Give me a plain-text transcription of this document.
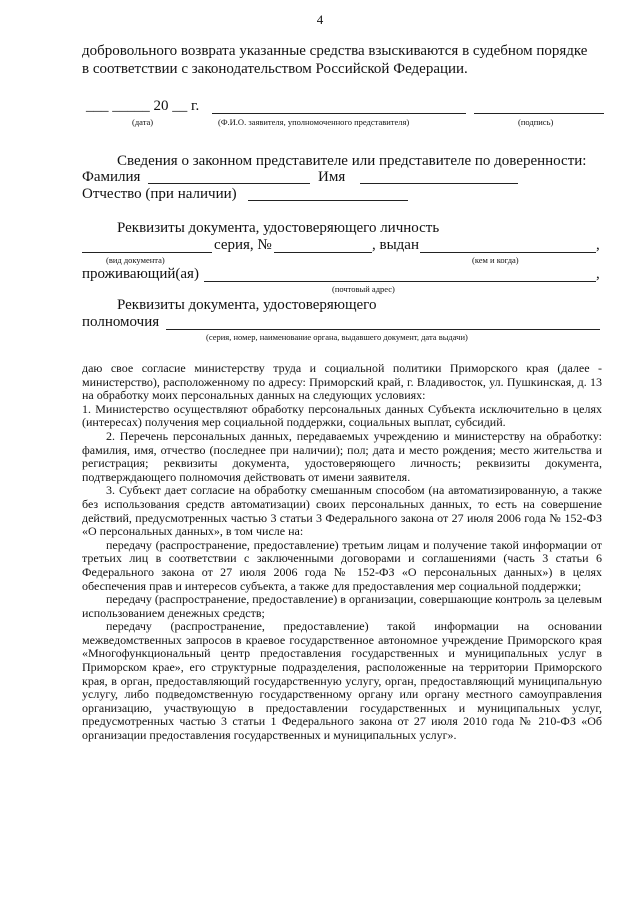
4
добровольного возврата указанные средства взыскиваются в судебном порядке
в соответствии с законодательством Российской Федерации.
___ _____ 20 __ г.
(дата)	(Ф.И.О. заявителя, уполномоченного представителя)	(подпись)
Сведения о законном представителе или представителе по доверенности:
Фамилия	Имя
Отчество (при наличии)
Реквизиты документа, удостоверяющего личность
серия, №	, выдан	,
(вид документа)	(кем и когда)
проживающий(ая)	,
(почтовый адрес)
Реквизиты документа, удостоверяющего
полномочия
(серия, номер, наименование органа, выдавшего документ, дата выдачи)

даю свое согласие министерству труда и социальной политики Приморского края (далее - министерство), расположенному по адресу: Приморский край, г. Владивосток, ул. Пушкинская, д. 13 на обработку моих персональных данных на следующих условиях:

1. Министерство осуществляют обработку персональных данных Субъекта исключительно в целях (интересах) получения мер социальной поддержки, социальных выплат, субсидий.

2. Перечень персональных данных, передаваемых учреждению и министерству на обработку: фамилия, имя, отчество (последнее при наличии); пол; дата и место рождения; место жительства и регистрация; реквизиты документа, удостоверяющего личность; реквизиты документа, подтверждающего полномочия действовать от имени заявителя.

3. Субъект дает согласие на обработку смешанным способом (на автоматизированную, а также без использования средств автоматизации) своих персональных данных, то есть на совершение действий, предусмотренных частью 3 статьи 3 Федерального закона от 27 июля 2006 года № 152-ФЗ «О персональных данных», в том числе на:

передачу (распространение, предоставление) третьим лицам и получение такой информации от третьих лиц в соответствии с заключенными договорами и соглашениями (часть 3 статьи 6 Федерального закона от 27 июля 2006 года № 152-ФЗ «О персональных данных») в целях обеспечения прав и интересов субъекта, а также для предоставления мер социальной поддержки;

передачу (распространение, предоставление) в организации, совершающие контроль за целевым использованием денежных средств;

передачу (распространение, предоставление) такой информации на основании межведомственных запросов в краевое государственное автономное учреждение Приморского края «Многофункциональный центр предоставления государственных и муниципальных услуг в Приморском крае», его структурные подразделения, расположенные на территории Приморского края, в орган, предоставляющий государственную услугу, орган, предоставляющий муниципальную услугу, либо подведомственную государственному органу или органу местного самоуправления организацию, участвующую в предоставлении государственных и муниципальных услуг, предусмотренных частью 3 статьи 1 Федерального закона от 27 июля 2010 года № 210-ФЗ «Об организации предоставления государственных и муниципальных услуг».
